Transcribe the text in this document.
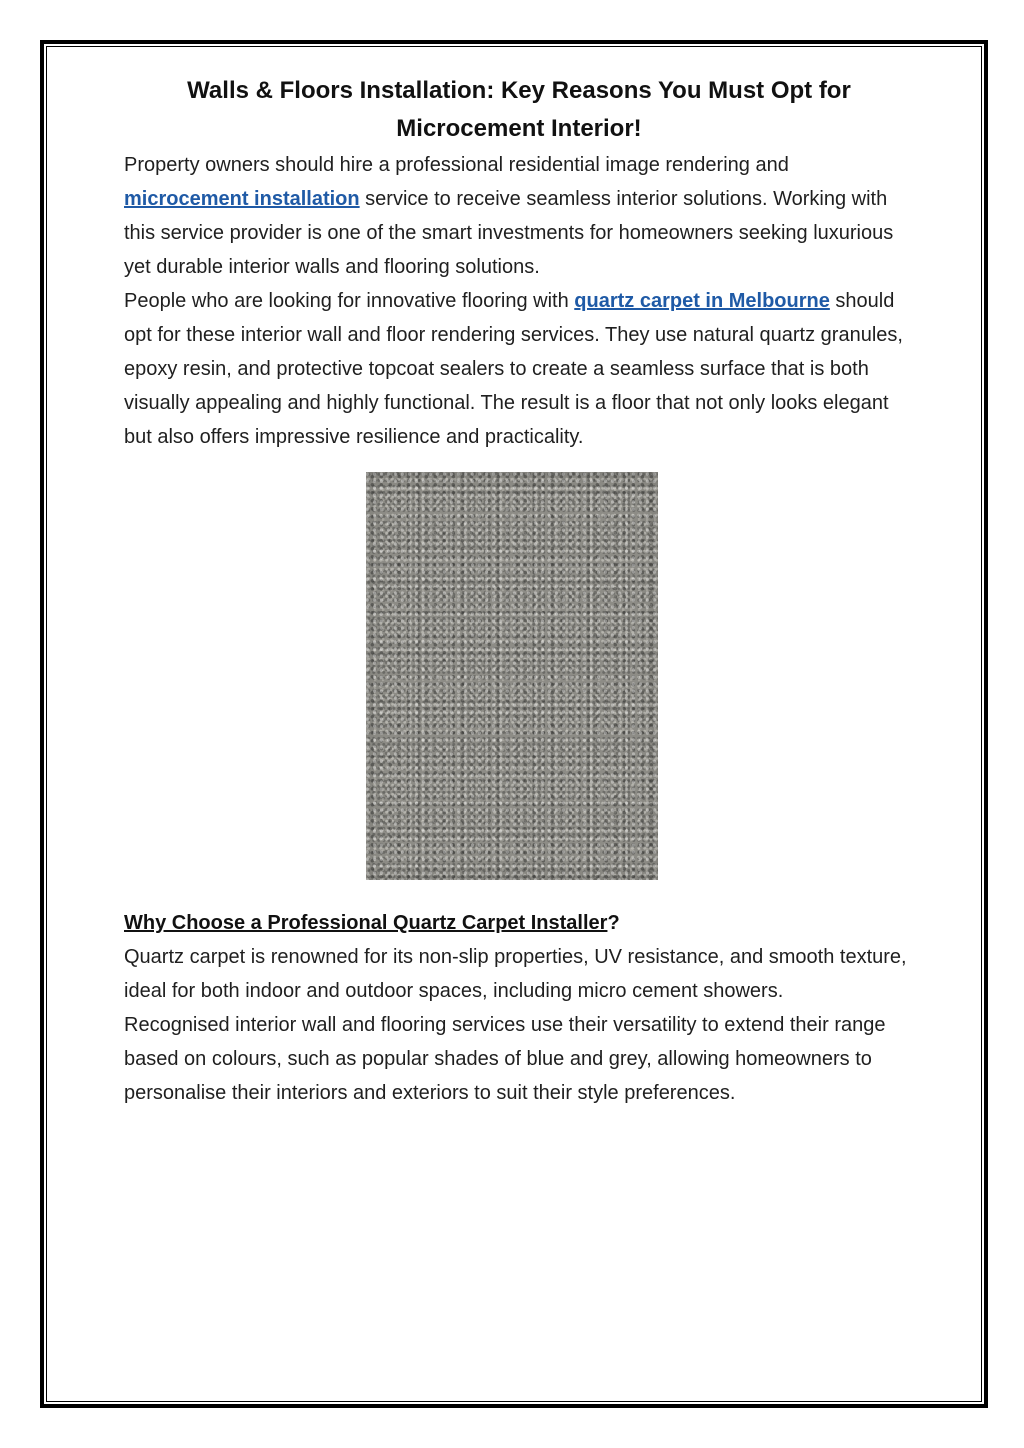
Walls & Floors Installation: Key Reasons You Must Opt for
Microcement Interior!

Property owners should hire a professional residential image rendering and microcement installation service to receive seamless interior solutions. Working with this service provider is one of the smart investments for homeowners seeking luxurious yet durable interior walls and flooring solutions.

People who are looking for innovative flooring with quartz carpet in Melbourne should opt for these interior wall and floor rendering services. They use natural quartz granules, epoxy resin, and protective topcoat sealers to create a seamless surface that is both visually appealing and highly functional. The result is a floor that not only looks elegant but also offers impressive resilience and practicality.

Why Choose a Professional Quartz Carpet Installer?

Quartz carpet is renowned for its non-slip properties, UV resistance, and smooth texture, ideal for both indoor and outdoor spaces, including micro cement showers.

Recognised interior wall and flooring services use their versatility to extend their range based on colours, such as popular shades of blue and grey, allowing homeowners to personalise their interiors and exteriors to suit their style preferences.
